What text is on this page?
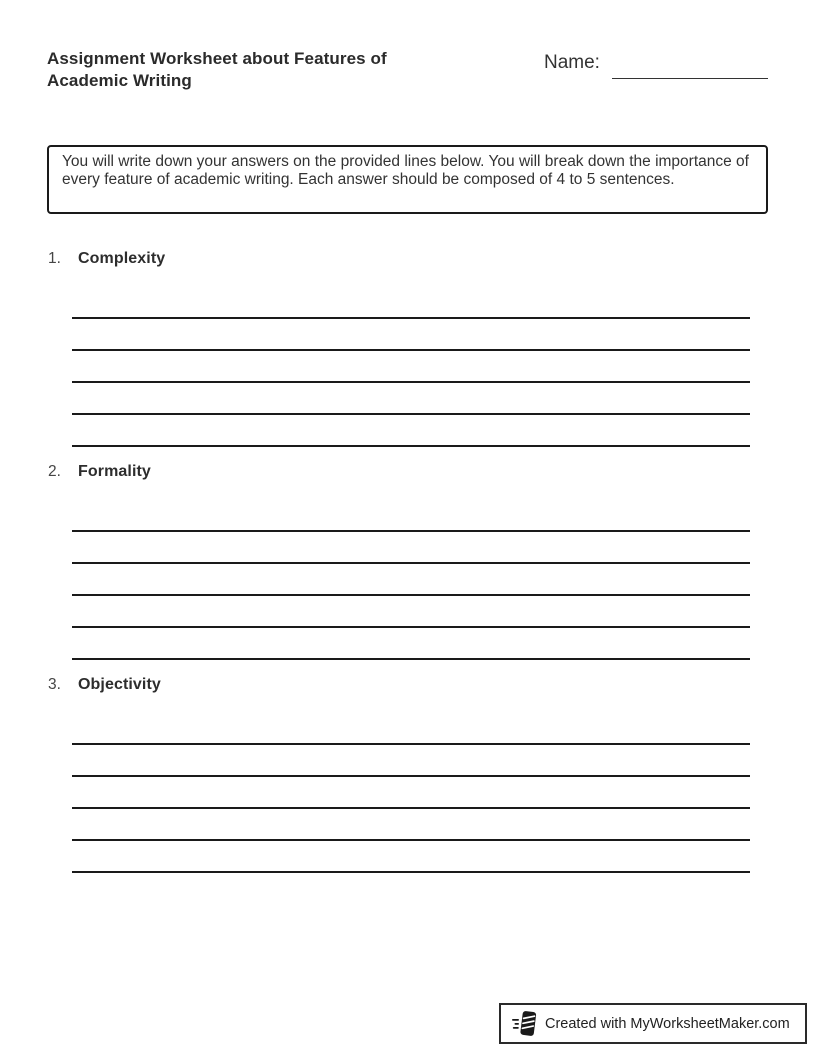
Assignment Worksheet about Features of
Academic Writing
Name:
You will write down your answers on the provided lines below. You will break down the importance of every feature of academic writing. Each answer should be composed of 4 to 5 sentences.
1.	Complexity
2.	Formality
3.	Objectivity
Created with MyWorksheetMaker.com
